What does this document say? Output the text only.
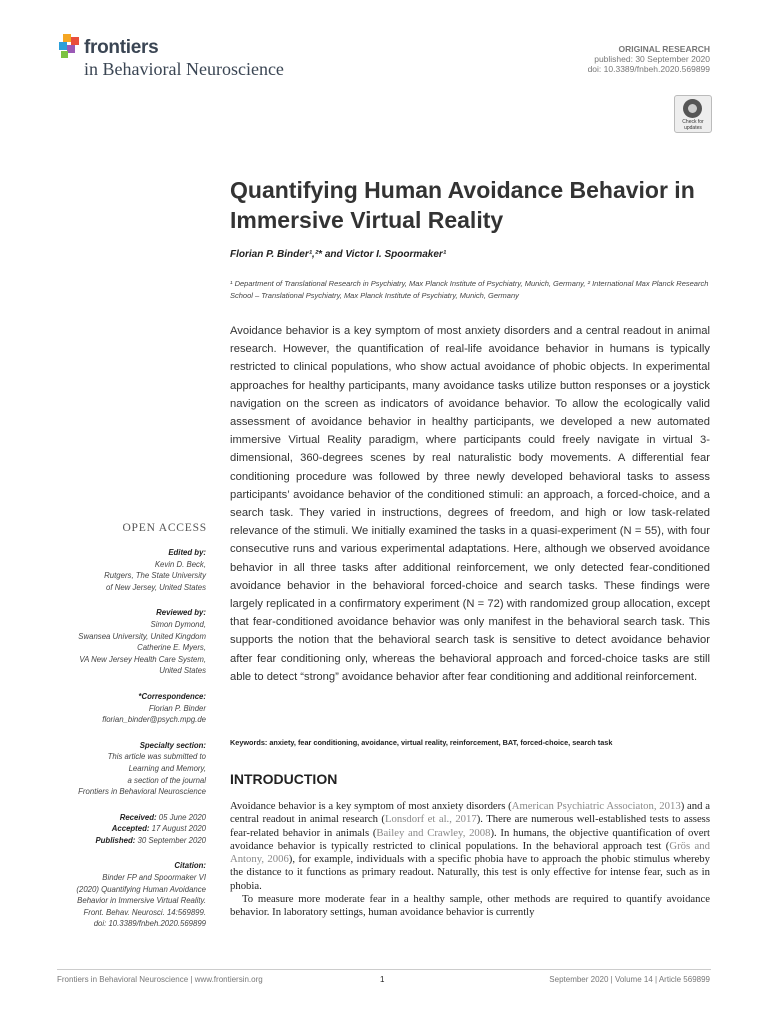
frontiers
in Behavioral Neuroscience
ORIGINAL RESEARCH
published: 30 September 2020
doi: 10.3389/fnbeh.2020.569899
Check for updates
Quantifying Human Avoidance Behavior in Immersive Virtual Reality
Florian P. Binder¹,²* and Victor I. Spoormaker¹
¹ Department of Translational Research in Psychiatry, Max Planck Institute of Psychiatry, Munich, Germany, ² International Max Planck Research School – Translational Psychiatry, Max Planck Institute of Psychiatry, Munich, Germany
Avoidance behavior is a key symptom of most anxiety disorders and a central readout in animal research. However, the quantification of real-life avoidance behavior in humans is typically restricted to clinical populations, who show actual avoidance of phobic objects. In experimental approaches for healthy participants, many avoidance tasks utilize button responses or a joystick navigation on the screen as indicators of avoidance behavior. To allow the ecologically valid assessment of avoidance behavior in healthy participants, we developed a new automated immersive Virtual Reality paradigm, where participants could freely navigate in virtual 3-dimensional, 360-degrees scenes by real naturalistic body movements. A differential fear conditioning procedure was followed by three newly developed behavioral tasks to assess participants’ avoidance behavior of the conditioned stimuli: an approach, a forced-choice, and a search task. They varied in instructions, degrees of freedom, and high or low task-related relevance of the stimuli. We initially examined the tasks in a quasi-experiment (N = 55), with four consecutive runs and various experimental adaptations. Here, although we observed avoidance behavior in all three tasks after additional reinforcement, we only detected fear-conditioned avoidance behavior in the behavioral forced-choice and search tasks. These findings were largely replicated in a confirmatory experiment (N = 72) with randomized group allocation, except that fear-conditioned avoidance behavior was only manifest in the behavioral search task. This supports the notion that the behavioral search task is sensitive to detect avoidance behavior after fear conditioning only, whereas the behavioral approach and forced-choice tasks are still able to detect “strong” avoidance behavior after fear conditioning and additional reinforcement.
Keywords: anxiety, fear conditioning, avoidance, virtual reality, reinforcement, BAT, forced-choice, search task
INTRODUCTION

Avoidance behavior is a key symptom of most anxiety disorders (American Psychiatric Associaton, 2013) and a central readout in animal research (Lonsdorf et al., 2017). There are numerous well-established tests to assess fear-related behavior in animals (Bailey and Crawley, 2008). In humans, the objective quantification of overt avoidance behavior is typically restricted to clinical populations. In the behavioral approach test (Grös and Antony, 2006), for example, individuals with a specific phobia have to approach the phobic stimulus whereby the distance to it functions as primary readout. Naturally, this test is only effective for intense fear, such as in phobia.

To measure more moderate fear in a healthy sample, other methods are required to quantify avoidance behavior. In laboratory settings, human avoidance behavior is currently

OPEN ACCESS
Edited by:
Kevin D. Beck,
Rutgers, The State University
of New Jersey, United States
Reviewed by:
Simon Dymond,
Swansea University, United Kingdom
Catherine E. Myers,
VA New Jersey Health Care System,
United States
*Correspondence:
Florian P. Binder
florian_binder@psych.mpg.de
Specialty section:
This article was submitted to
Learning and Memory,
a section of the journal
Frontiers in Behavioral Neuroscience
Received: 05 June 2020
Accepted: 17 August 2020
Published: 30 September 2020
Citation:
Binder FP and Spoormaker VI
(2020) Quantifying Human Avoidance
Behavior in Immersive Virtual Reality.
Front. Behav. Neurosci. 14:569899.
doi: 10.3389/fnbeh.2020.569899
Frontiers in Behavioral Neuroscience | www.frontiersin.org	1	September 2020 | Volume 14 | Article 569899
